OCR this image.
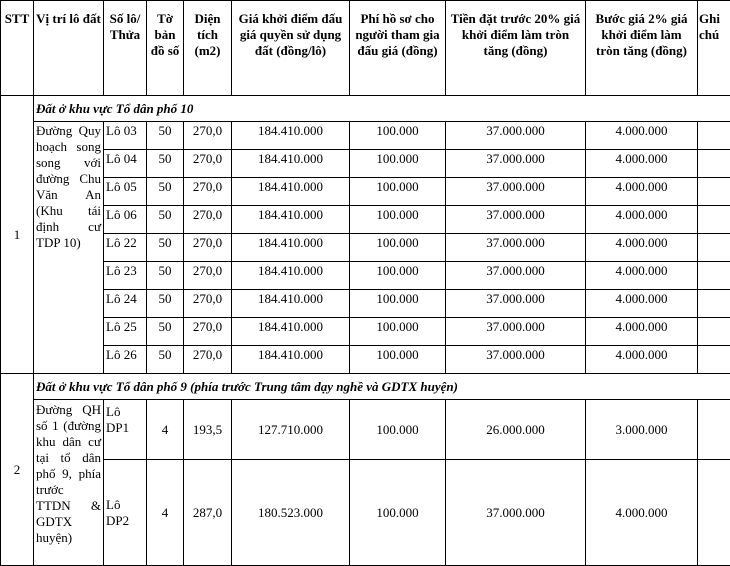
STT	Vị trí lô đất	Số lô/ Thửa	Tờ bản đồ số	Diện tích (m2)	Giá khởi điểm đấu giá quyền sử dụng đất (đồng/lô)	Phí hồ sơ cho người tham gia đấu giá (đồng)	Tiền đặt trước 20% giá khởi điểm làm tròn tăng (đồng)	Bước giá 2% giá khởi điểm làm tròn tăng (đồng)	Ghi chú
1	Đất ở khu vực Tổ dân phố 10								
	Đường Quy hoạch song song với đường Chu Văn An (Khu tái định cư TDP 10)	Lô 03	50	270,0	184.410.000	100.000	37.000.000	4.000.000	
		Lô 04	50	270,0	184.410.000	100.000	37.000.000	4.000.000	
		Lô 05	50	270,0	184.410.000	100.000	37.000.000	4.000.000	
		Lô 06	50	270,0	184.410.000	100.000	37.000.000	4.000.000	
		Lô 22	50	270,0	184.410.000	100.000	37.000.000	4.000.000	
		Lô 23	50	270,0	184.410.000	100.000	37.000.000	4.000.000	
		Lô 24	50	270,0	184.410.000	100.000	37.000.000	4.000.000	
		Lô 25	50	270,0	184.410.000	100.000	37.000.000	4.000.000	
		Lô 26	50	270,0	184.410.000	100.000	37.000.000	4.000.000	
2	Đất ở khu vực Tổ dân phố 9 (phía trước Trung tâm dạy nghề và GDTX huyện)								
	Đường QH số 1 (đường khu dân cư tại tổ dân phố 9, phía trước TTDN & GDTX huyện)	Lô DP1	4	193,5	127.710.000	100.000	26.000.000	3.000.000	
		Lô DP2	4	287,0	180.523.000	100.000	37.000.000	4.000.000	
